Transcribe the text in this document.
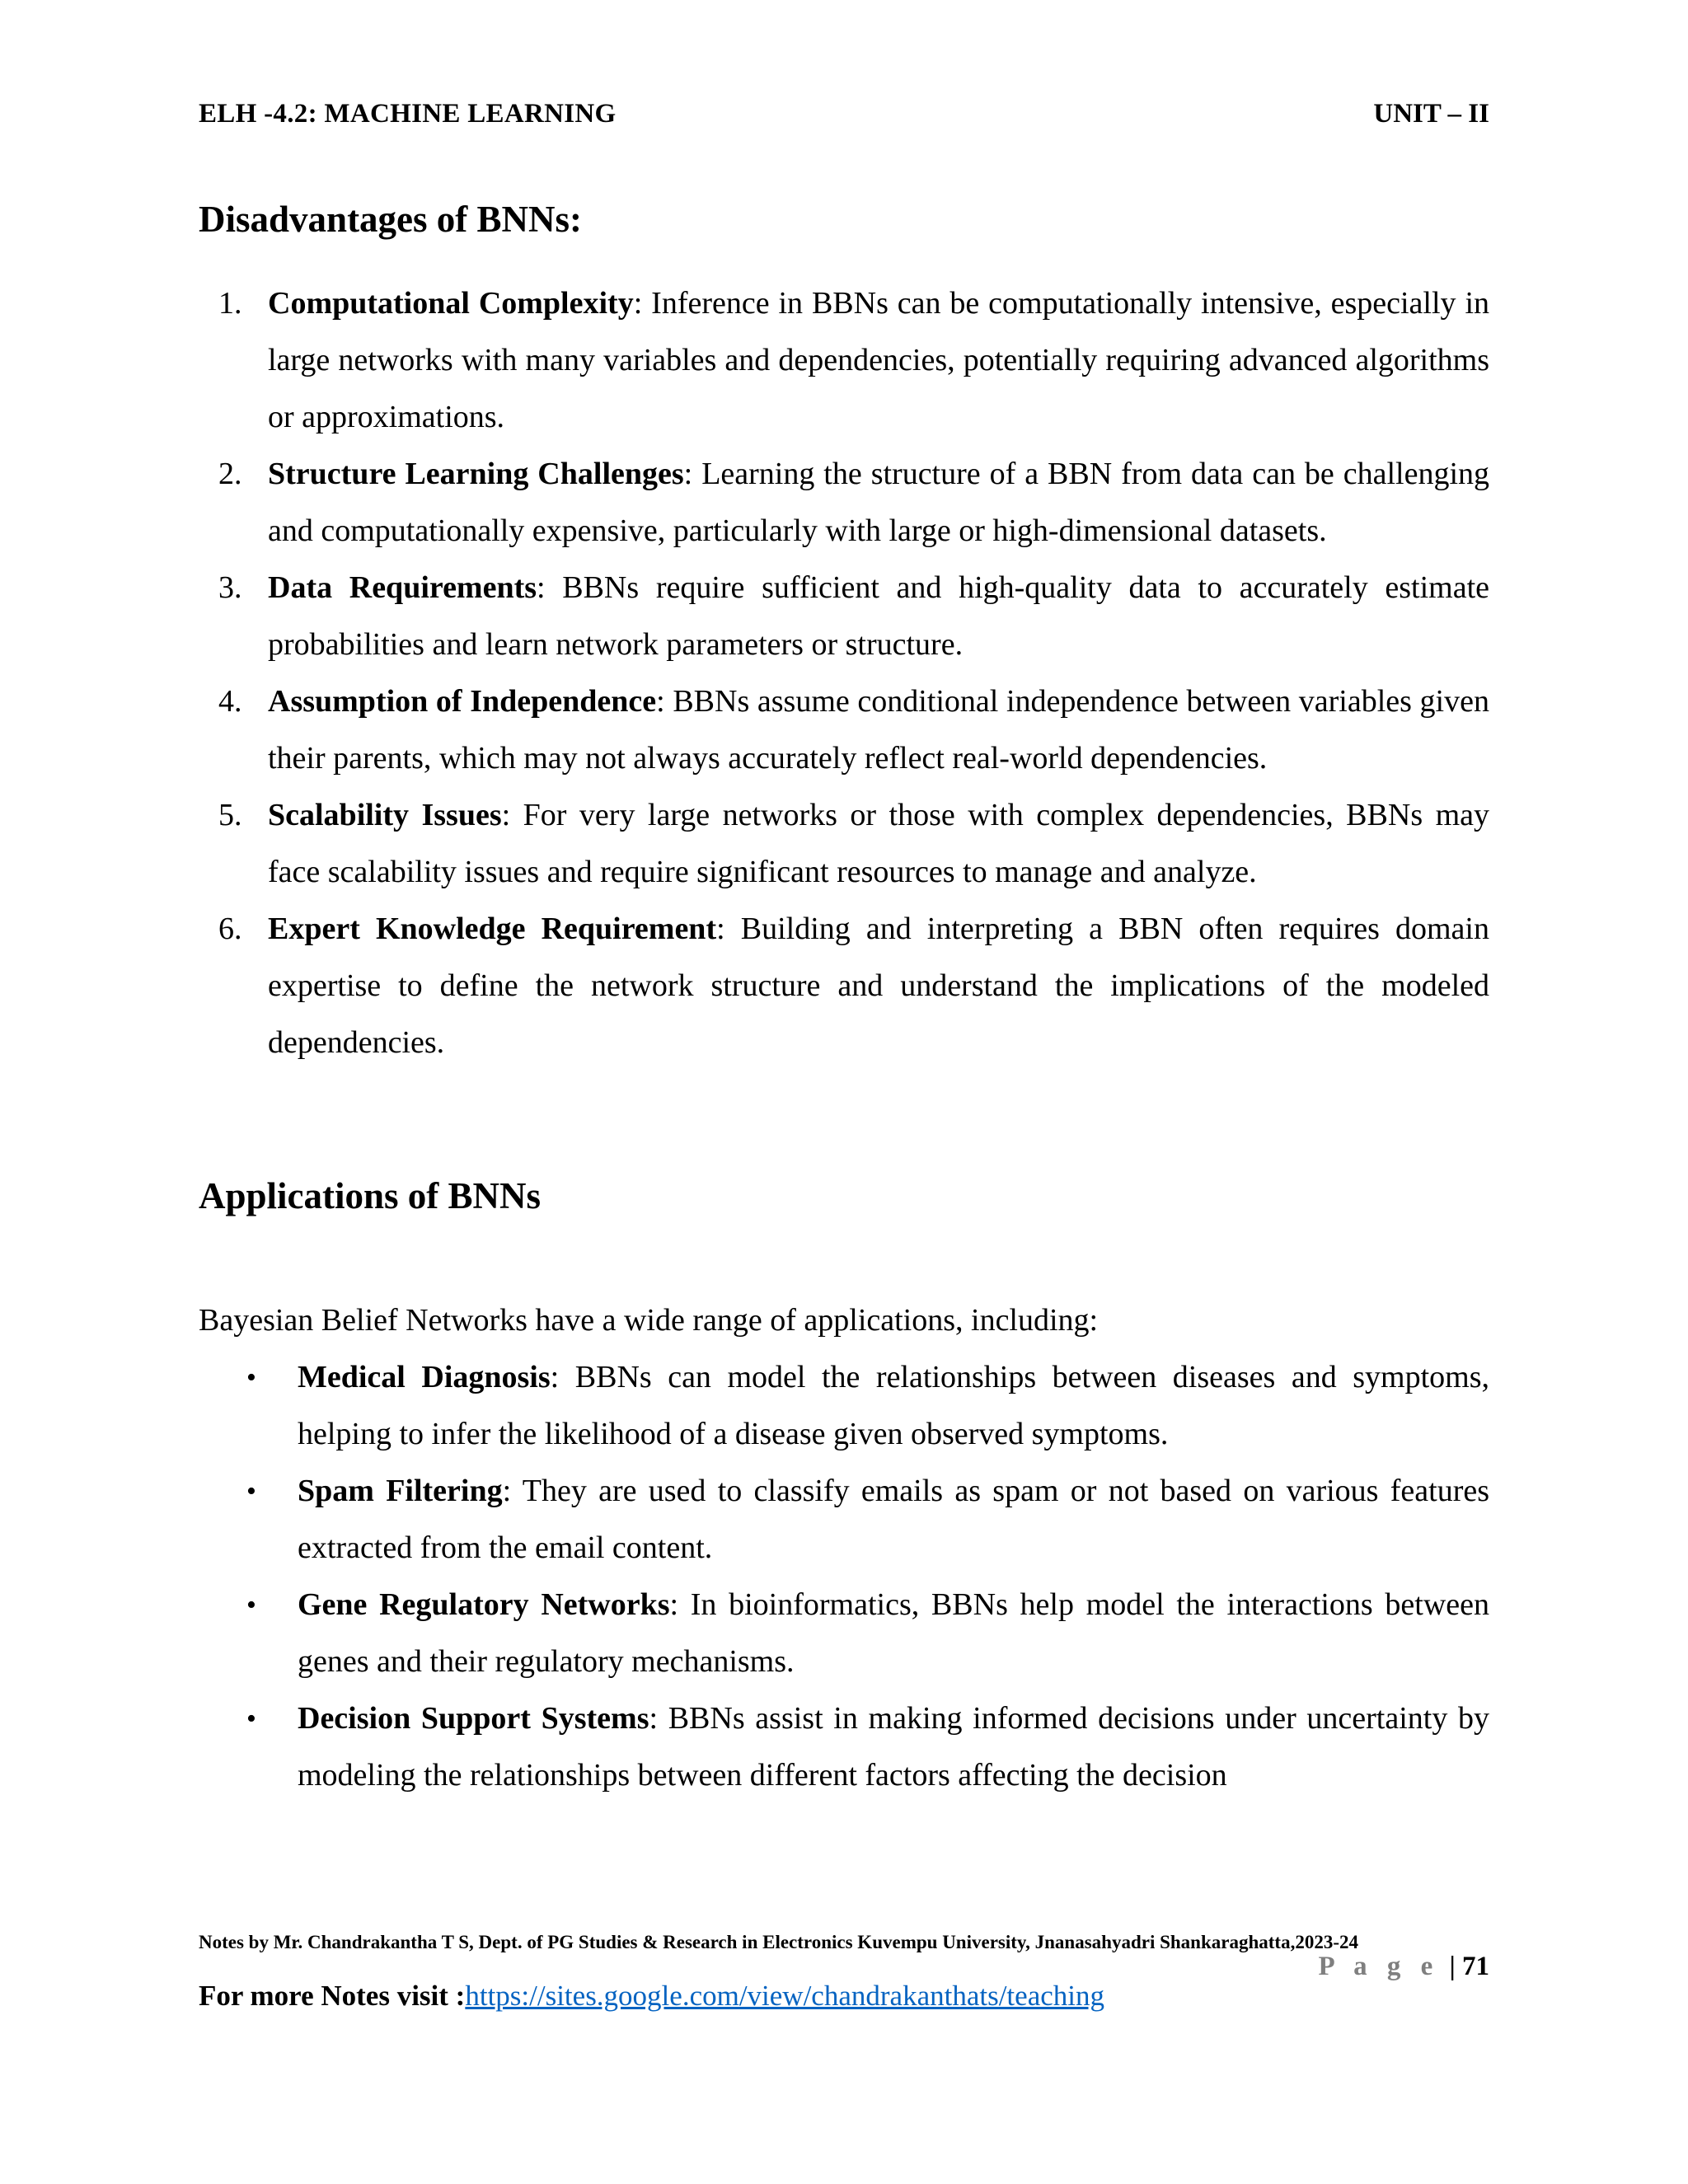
ELH -4.2: MACHINE LEARNING	UNIT – II
Disadvantages of BNNs:
1. Computational Complexity: Inference in BBNs can be computationally intensive, especially in large networks with many variables and dependencies, potentially requiring advanced algorithms or approximations.
2. Structure Learning Challenges: Learning the structure of a BBN from data can be challenging and computationally expensive, particularly with large or high-dimensional datasets.
3. Data Requirements: BBNs require sufficient and high-quality data to accurately estimate probabilities and learn network parameters or structure.
4. Assumption of Independence: BBNs assume conditional independence between variables given their parents, which may not always accurately reflect real-world dependencies.
5. Scalability Issues: For very large networks or those with complex dependencies, BBNs may face scalability issues and require significant resources to manage and analyze.
6. Expert Knowledge Requirement: Building and interpreting a BBN often requires domain expertise to define the network structure and understand the implications of the modeled dependencies.
Applications of BNNs
Bayesian Belief Networks have a wide range of applications, including:
• Medical Diagnosis: BBNs can model the relationships between diseases and symptoms, helping to infer the likelihood of a disease given observed symptoms.
• Spam Filtering: They are used to classify emails as spam or not based on various features extracted from the email content.
• Gene Regulatory Networks: In bioinformatics, BBNs help model the interactions between genes and their regulatory mechanisms.
• Decision Support Systems: BBNs assist in making informed decisions under uncertainty by modeling the relationships between different factors affecting the decision
Notes by Mr. Chandrakantha T S, Dept. of PG Studies & Research in Electronics Kuvempu University, Jnanasahyadri Shankaraghatta,2023-24
P a g e | 71
For more Notes visit :https://sites.google.com/view/chandrakanthats/teaching
